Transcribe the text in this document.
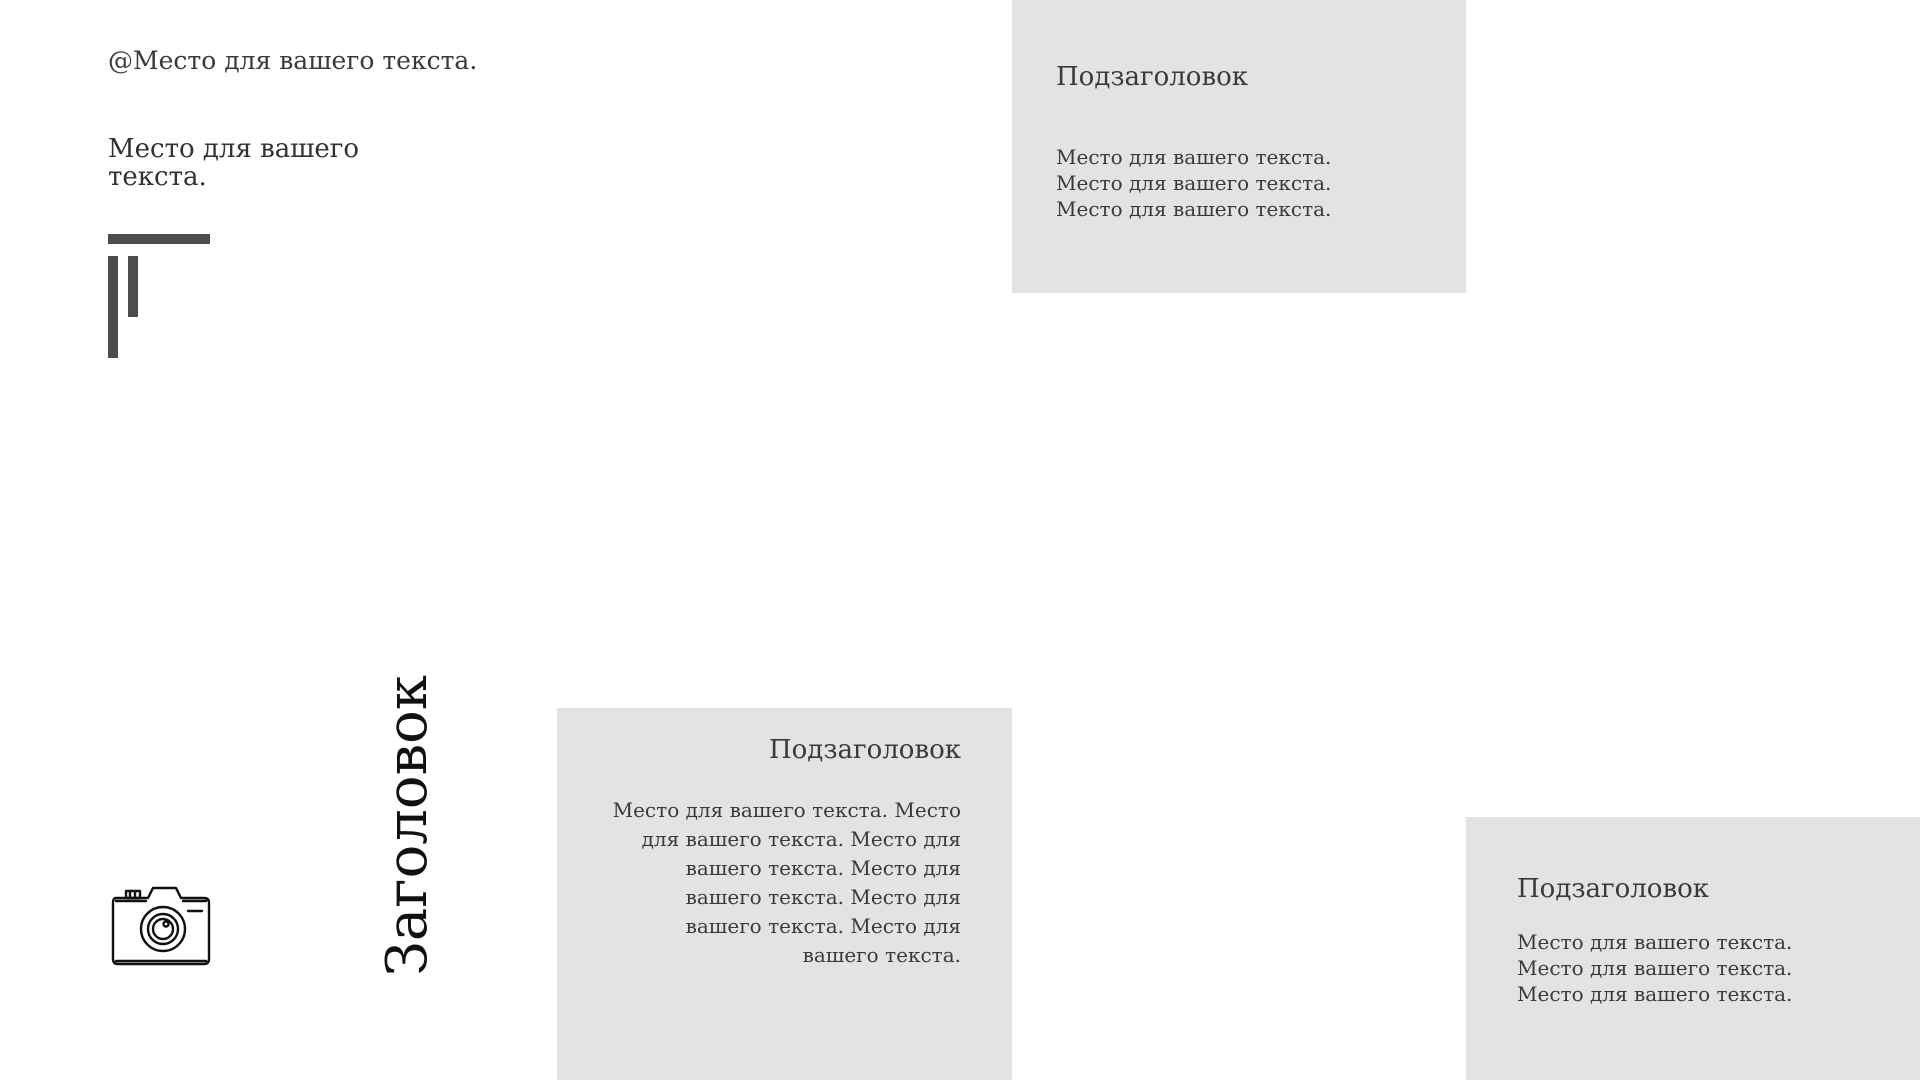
@Место для вашего текста.
Место для вашего текста.
Подзаголовок
Место для вашего текста. Место для вашего текста. Место для вашего текста.
Подзаголовок
Место для вашего текста. Место для вашего текста. Место для вашего текста. Место для вашего текста. Место для вашего текста. Место для вашего текста.
Подзаголовок
Место для вашего текста. Место для вашего текста. Место для вашего текста.
Заголовок
